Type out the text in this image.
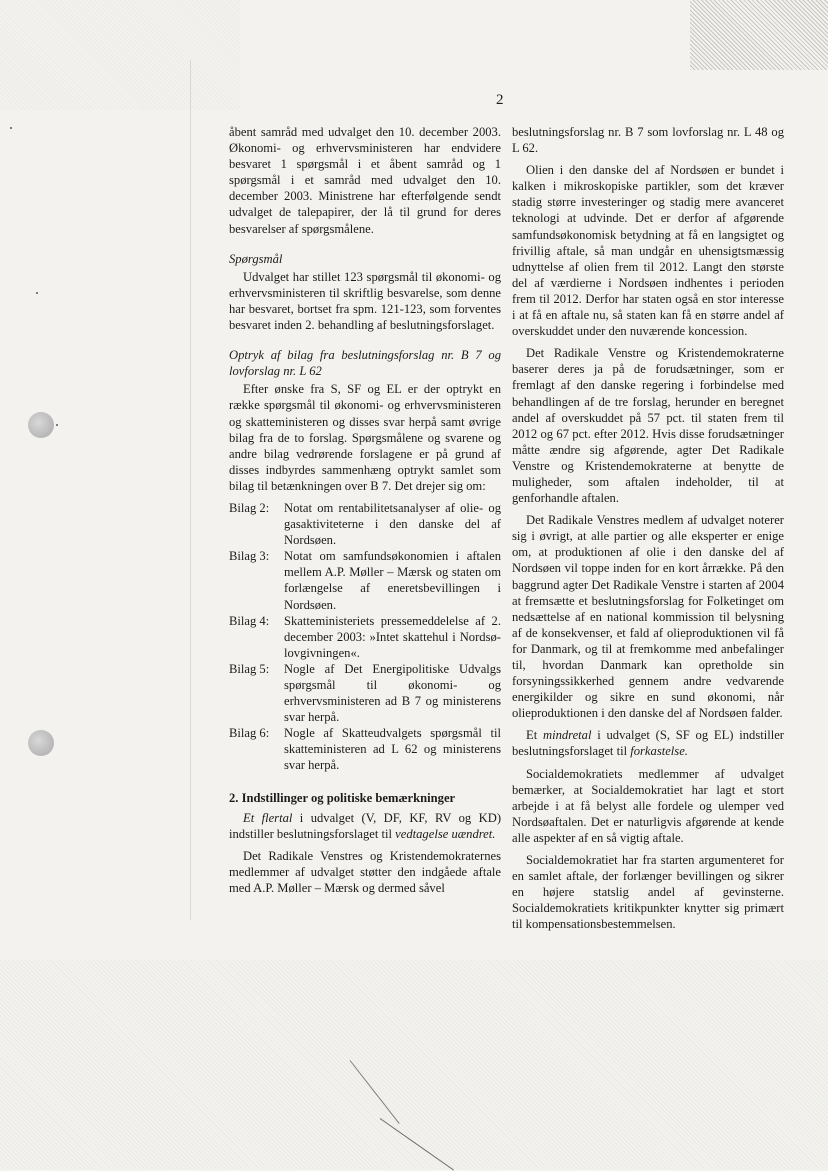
2

åbent samråd med udvalget den 10. december 2003. Økonomi- og erhvervsministeren har endvidere besvaret 1 spørgsmål i et åbent samråd og 1 spørgsmål i et samråd med udvalget den 10. december 2003. Ministrene har efterfølgende sendt udvalget de talepapirer, der lå til grund for deres besvarelser af spørgsmålene.

Spørgsmål

Udvalget har stillet 123 spørgsmål til økonomi- og erhvervsministeren til skriftlig besvarelse, som denne har besvaret, bortset fra spm. 121-123, som forventes besvaret inden 2. behandling af beslutningsforslaget.

Optryk af bilag fra beslutningsforslag nr. B 7 og lovforslag nr. L 62

Efter ønske fra S, SF og EL er der optrykt en række spørgsmål til økonomi- og erhvervsministeren og skatteministeren og disses svar herpå samt øvrige bilag fra de to forslag. Spørgsmålene og svarene og andre bilag vedrørende forslagene er på grund af disses indbyrdes sammenhæng optrykt samlet som bilag til betænkningen over B 7. Det drejer sig om:

Bilag 2:	Notat om rentabilitetsanalyser af olie- og gasaktiviteterne i den danske del af Nordsøen.
Bilag 3:	Notat om samfundsøkonomien i aftalen mellem A.P. Møller – Mærsk og staten om forlængelse af eneretsbevillingen i Nordsøen.
Bilag 4:	Skatteministeriets pressemeddelelse af 2. december 2003: »Intet skattehul i Nordsø-lovgivningen«.
Bilag 5:	Nogle af Det Energipolitiske Udvalgs spørgsmål til økonomi- og erhvervsministeren ad B 7 og ministerens svar herpå.
Bilag 6:	Nogle af Skatteudvalgets spørgsmål til skatteministeren ad L 62 og ministerens svar herpå.
2. Indstillinger og politiske bemærkninger

Et flertal i udvalget (V, DF, KF, RV og KD) indstiller beslutningsforslaget til vedtagelse uændret.

Det Radikale Venstres og Kristendemokraternes medlemmer af udvalget støtter den indgåede aftale med A.P. Møller – Mærsk og dermed såvel

beslutningsforslag nr. B 7 som lovforslag nr. L 48 og L 62.

Olien i den danske del af Nordsøen er bundet i kalken i mikroskopiske partikler, som det kræver stadig større investeringer og stadig mere avanceret teknologi at udvinde. Det er derfor af afgørende samfundsøkonomisk betydning at få en langsigtet og frivillig aftale, så man undgår en uhensigtsmæssig udnyttelse af olien frem til 2012. Langt den største del af værdierne i Nordsøen indhentes i perioden frem til 2012. Derfor har staten også en stor interesse i at få en aftale nu, så staten kan få en større andel af overskuddet under den nuværende koncession.

Det Radikale Venstre og Kristendemokraterne baserer deres ja på de forudsætninger, som er fremlagt af den danske regering i forbindelse med behandlingen af de tre forslag, herunder en beregnet andel af overskuddet på 57 pct. til staten frem til 2012 og 67 pct. efter 2012. Hvis disse forudsætninger måtte ændre sig afgørende, agter Det Radikale Venstre og Kristendemokraterne at benytte de muligheder, som aftalen indeholder, til at genforhandle aftalen.

Det Radikale Venstres medlem af udvalget noterer sig i øvrigt, at alle partier og alle eksperter er enige om, at produktionen af olie i den danske del af Nordsøen vil toppe inden for en kort årrække. På den baggrund agter Det Radikale Venstre i starten af 2004 at fremsætte et beslutningsforslag for Folketinget om nedsættelse af en national kommission til belysning af de konsekvenser, et fald af olieproduktionen vil få for Danmark, og til at fremkomme med anbefalinger til, hvordan Danmark kan opretholde sin forsyningssikkerhed gennem andre vedvarende energikilder og sikre en sund økonomi, når olieproduktionen i den danske del af Nordsøen falder.

Et mindretal i udvalget (S, SF og EL) indstiller beslutningsforslaget til forkastelse.

Socialdemokratiets medlemmer af udvalget bemærker, at Socialdemokratiet har lagt et stort arbejde i at få belyst alle fordele og ulemper ved Nordsøaftalen. Det er naturligvis afgørende at kende alle aspekter af en så vigtig aftale.

Socialdemokratiet har fra starten argumenteret for en samlet aftale, der forlænger bevillingen og sikrer en højere statslig andel af gevinsterne. Socialdemokratiets kritikpunkter knytter sig primært til kompensationsbestemmelsen.
